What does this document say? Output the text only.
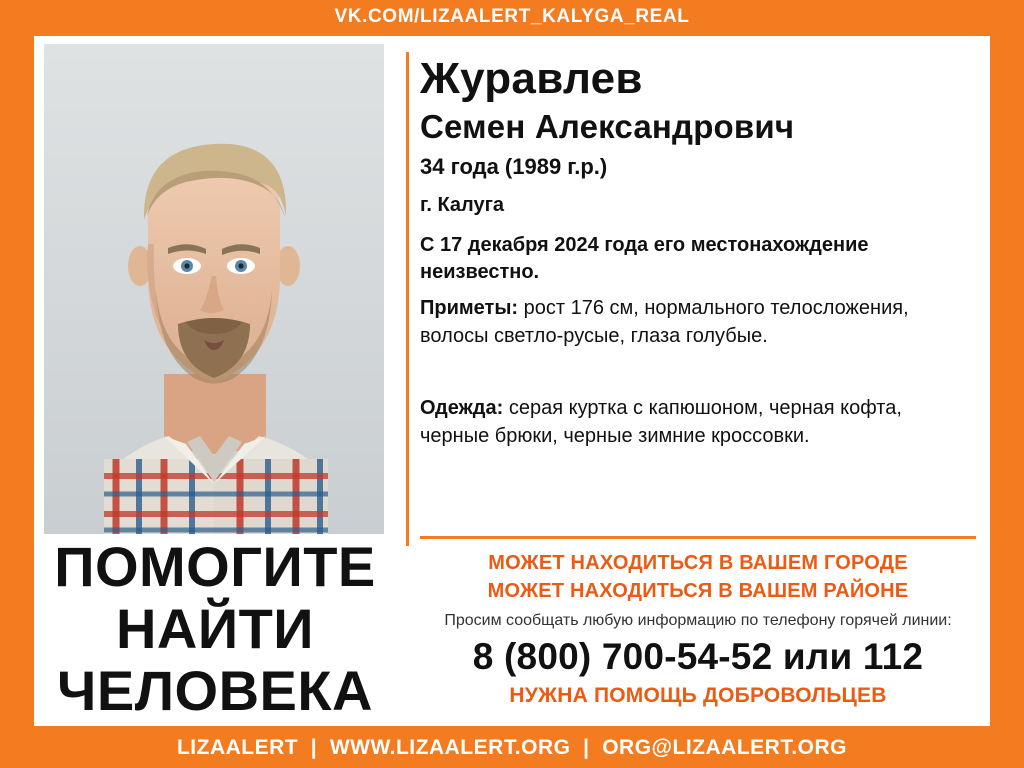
VK.COM/LIZAALERT_KALYGA_REAL
ПОМОГИТЕ
НАЙТИ
ЧЕЛОВЕКА
Журавлев
Семен Александрович
34 года (1989 г.р.)
г. Калуга
С 17 декабря 2024 года его местонахождение неизвестно.
Приметы: рост 176 см, нормального телосложения, волосы светло-русые, глаза голубые.
Одежда: серая куртка с капюшоном, черная кофта, черные брюки, черные зимние кроссовки.
МОЖЕТ НАХОДИТЬСЯ В ВАШЕМ ГОРОДЕ
МОЖЕТ НАХОДИТЬСЯ В ВАШЕМ РАЙОНЕ
Просим сообщать любую информацию по телефону горячей линии:
8 (800) 700-54-52 или 112
НУЖНА ПОМОЩЬ ДОБРОВОЛЬЦЕВ
LIZAALERT  |  WWW.LIZAALERT.ORG  |  ORG@LIZAALERT.ORG
